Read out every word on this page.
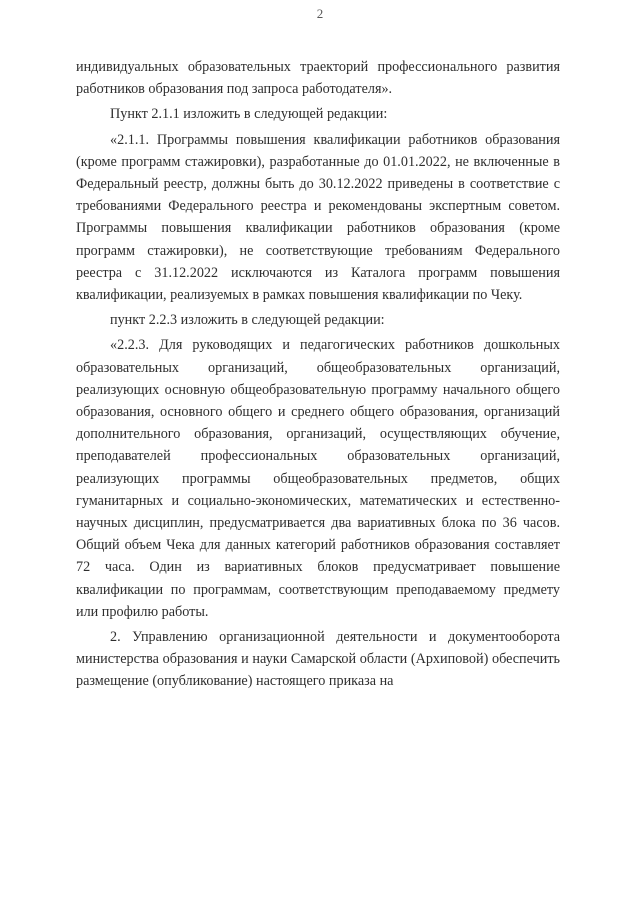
2

индивидуальных образовательных траекторий профессионального развития работников образования под запроса работодателя».

Пункт 2.1.1 изложить в следующей редакции:

«2.1.1. Программы повышения квалификации работников образования (кроме программ стажировки), разработанные до 01.01.2022, не включенные в Федеральный реестр, должны быть до 30.12.2022 приведены в соответствие с требованиями Федерального реестра и рекомендованы экспертным советом. Программы повышения квалификации работников образования (кроме программ стажировки), не соответствующие требованиям Федерального реестра с 31.12.2022 исключаются из Каталога программ повышения квалификации, реализуемых в рамках повышения квалификации по Чеку.

пункт 2.2.3 изложить в следующей редакции:

«2.2.3. Для руководящих и педагогических работников дошкольных образовательных организаций, общеобразовательных организаций, реализующих основную общеобразовательную программу начального общего образования, основного общего и среднего общего образования, организаций дополнительного образования, организаций, осуществляющих обучение, преподавателей профессиональных образовательных организаций, реализующих программы общеобразовательных предметов, общих гуманитарных и социально-экономических, математических и естественно-научных дисциплин, предусматривается два вариативных блока по 36 часов. Общий объем Чека для данных категорий работников образования составляет 72 часа. Один из вариативных блоков предусматривает повышение квалификации по программам, соответствующим преподаваемому предмету или профилю работы.

2. Управлению организационной деятельности и документооборота министерства образования и науки Самарской области (Архиповой) обеспечить размещение (опубликование) настоящего приказа на
